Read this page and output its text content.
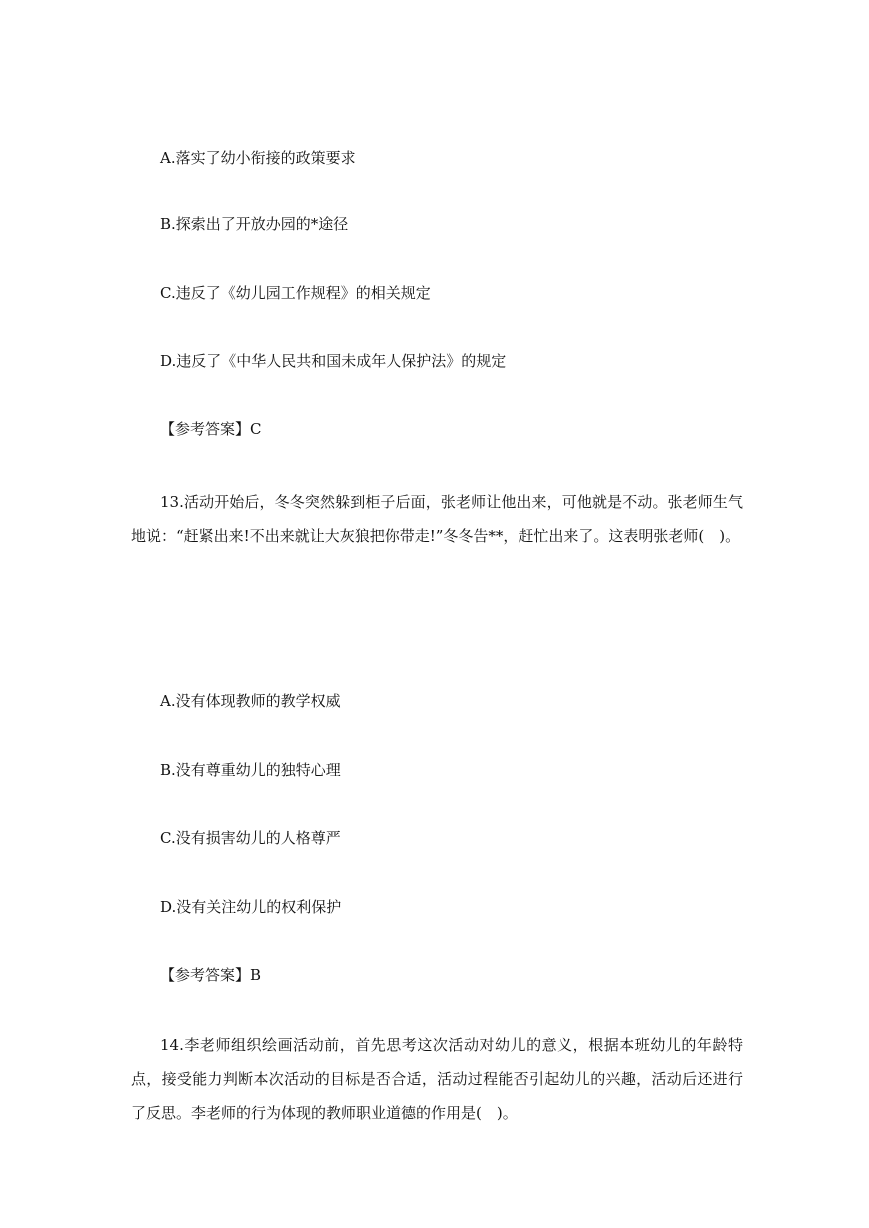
A.落实了幼小衔接的政策要求

B.探索出了开放办园的*途径

C.违反了《幼儿园工作规程》的相关规定

D.违反了《中华人民共和国未成年人保护法》的规定

【参考答案】C

13.活动开始后，冬冬突然躲到柜子后面，张老师让他出来，可他就是不动。张老师生气地说：“赶紧出来!不出来就让大灰狼把你带走!”冬冬告**，赶忙出来了。这表明张老师(　)。

A.没有体现教师的教学权威

B.没有尊重幼儿的独特心理

C.没有损害幼儿的人格尊严

D.没有关注幼儿的权利保护

【参考答案】B

14.李老师组织绘画活动前，首先思考这次活动对幼儿的意义，根据本班幼儿的年龄特点，接受能力判断本次活动的目标是否合适，活动过程能否引起幼儿的兴趣，活动后还进行了反思。李老师的行为体现的教师职业道德的作用是(　)。
